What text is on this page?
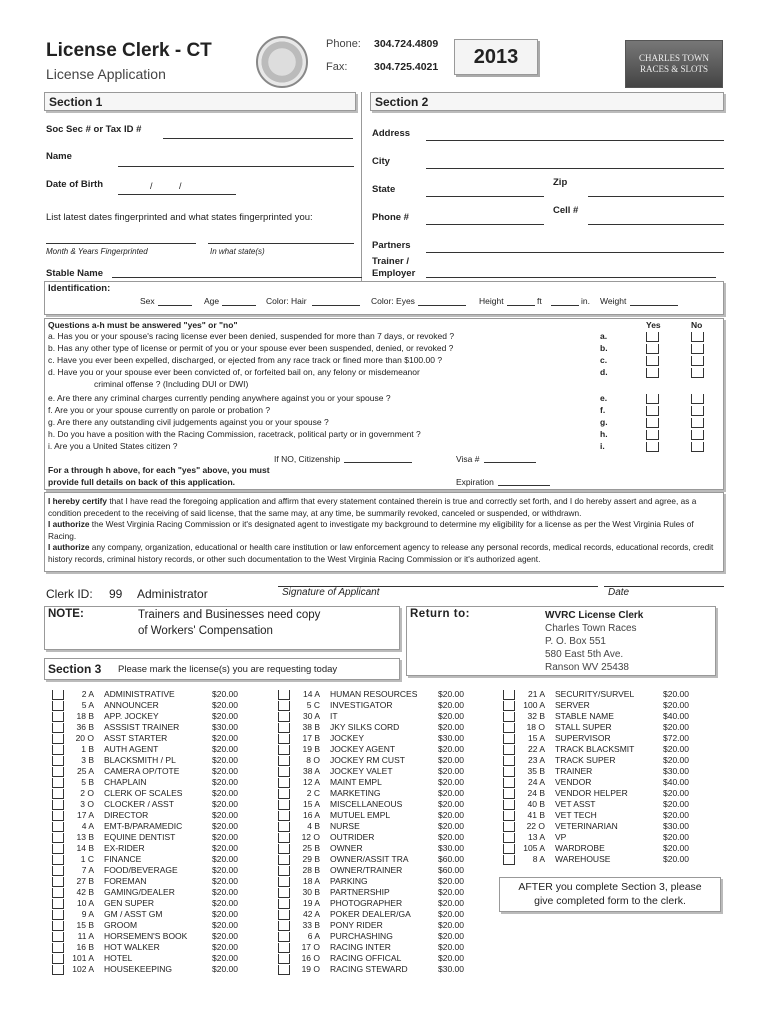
License Clerk - CT
License Application
Phone: 304.724.4809
Fax:	304.725.4021	2013	CHARLES TOWN RACES & SLOTS
Section 1
Soc Sec # or Tax ID #
Name
Date of Birth	/	/
List latest dates fingerprinted and what states fingerprinted you:
Month & Years Fingerprinted	In what state(s)
Stable Name
Section 2
Address
City
State
Zip
Phone #
Cell #
Partners
Trainer /
Employer
Identification:
Sex	Age	Color: Hair	Color: Eyes	Height	ft	in. Weight
Questions a-h must be answered "yes" or "no"	Yes	No
a. Has you or your spouse's racing license ever been denied, suspended for more than 7 days, or revoked ?	a.
b. Has any other type of license or permit of you or your spouse ever been suspended, denied, or revoked ?	b.
c. Have you ever been expelled, discharged, or ejected from any race track or fined more than $100.00 ?	c.
d. Have you or your spouse ever been convicted of, or forfeited bail on, any felony or misdemeanor	d.
criminal offense ? (Including DUI or DWI)
e. Are there any criminal charges currently pending anywhere against you or your spouse ?	e.
f. Are you or your spouse currently on parole or probation ?	f.
g. Are there any outstanding civil judgements against you or your spouse ?	g.
h. Do you have a position with the Racing Commission, racetrack, political party or in government ?	h.
i. Are you a United States citizen ?	i.
If NO, Citizenship	Visa #
For a through h above, for each "yes" above, you must
provide full details on back of this application.	Expiration
I hereby certify that I have read the foregoing application and affirm that every statement contained therein is true and correctly set forth, and I do hereby assert and agree, as a
condition precedent to the receiving of said license, that the same may, at any time, be summarily revoked, canceled or suspended, or withdrawn.
I authorize the West Virginia Racing Commission or it's designated agent to investigate my background to determine my eligibility for a license as per the West Virginia Rules of
Racing.
I authorize any company, organization, educational or health care institution or law enforcement agency to release any personal records, medical records, educational records, credit
history records, criminal history records, or other such documentation to the West Virginia Racing Commission or it's authorized agent.
Clerk ID: 99 Administrator	Signature of Applicant	Date
NOTE:	Trainers and Businesses need copy
of Workers' Compensation
Return to:	WVRC License Clerk
Charles Town Races
P. O. Box 551
580 East 5th Ave.
Ranson WV 25438
Section 3 Please mark the license(s) you are requesting today
2 A ADMINISTRATIVE	$20.00
5 A ANNOUNCER	$20.00
18 B APP. JOCKEY	$20.00
36 B ASSSIST TRAINER	$30.00
20 O ASST STARTER	$20.00
1 B AUTH AGENT	$20.00
3 B BLACKSMITH / PL	$20.00
25 A CAMERA OP/TOTE	$20.00
5 B CHAPLAIN	$20.00
2 O CLERK OF SCALES	$20.00
3 O CLOCKER / ASST	$20.00
17 A DIRECTOR	$20.00
4 A EMT-B/PARAMEDIC	$20.00
13 B EQUINE DENTIST	$20.00
14 B EX-RIDER	$20.00
1 C FINANCE	$20.00
7 A FOOD/BEVERAGE	$20.00
27 B FOREMAN	$20.00
42 B GAMING/DEALER	$20.00
10 A GEN SUPER	$20.00
9 A GM / ASST GM	$20.00
15 B GROOM	$20.00
11 A HORSEMEN'S BOOK	$20.00
16 B HOT WALKER	$20.00
101 A HOTEL	$20.00
102 A HOUSEKEEPING	$20.00
14 A HUMAN RESOURCES $20.00
5 C INVESTIGATOR	$20.00
30 A IT	$20.00
38 B JKY SILKS CORD	$20.00
17 B JOCKEY	$30.00
19 B JOCKEY AGENT	$20.00
8 O JOCKEY RM CUST	$20.00
38 A JOCKEY VALET	$20.00
12 A MAINT EMPL	$20.00
2 C MARKETING	$20.00
15 A MISCELLANEOUS	$20.00
16 A MUTUEL EMPL	$20.00
4 B NURSE	$20.00
12 O OUTRIDER	$20.00
25 B OWNER	$30.00
29 B OWNER/ASSIT TRA	$60.00
28 B OWNER/TRAINER	$60.00
18 A PARKING	$20.00
30 B PARTNERSHIP	$20.00
19 A PHOTOGRAPHER	$20.00
42 A POKER DEALER/GA	$20.00
33 B PONY RIDER	$20.00
6 A PURCHASHING	$20.00
17 O RACING INTER	$20.00
16 O RACING OFFICAL	$20.00
19 O RACING STEWARD	$30.00
21 A SECURITY/SURVEL	$20.00
100 A SERVER	$20.00
32 B STABLE NAME	$40.00
18 O STALL SUPER	$20.00
15 A SUPERVISOR	$72.00
22 A TRACK BLACKSMIT	$20.00
23 A TRACK SUPER	$20.00
35 B TRAINER	$30.00
24 A VENDOR	$40.00
24 B VENDOR HELPER	$20.00
40 B VET ASST	$20.00
41 B VET TECH	$20.00
22 O VETERINARIAN	$30.00
13 A VP	$20.00
105 A WARDROBE	$20.00
8 A WAREHOUSE	$20.00
AFTER you complete Section 3, please
give completed form to the clerk.
